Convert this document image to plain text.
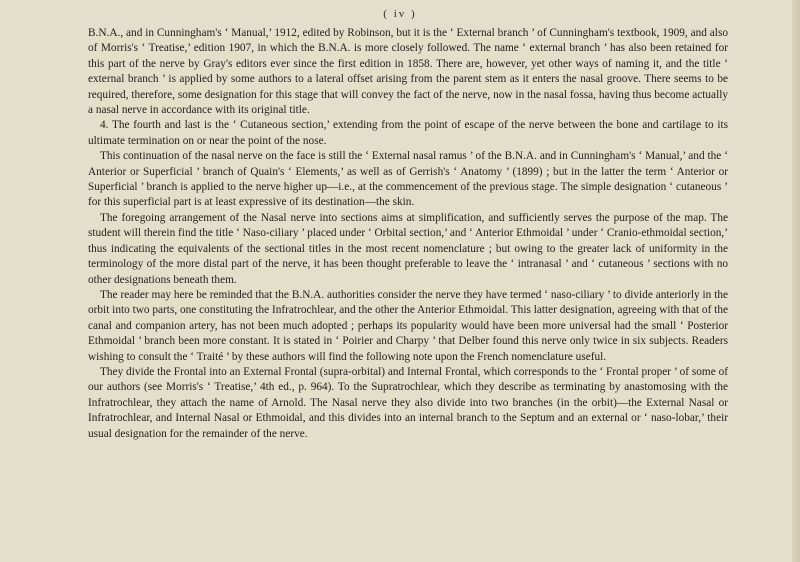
( iv )

B.N.A., and in Cunningham's ‘ Manual,’ 1912, edited by Robinson, but it is the ‘ External branch ’ of Cunningham's textbook, 1909, and also of Morris's ‘ Treatise,’ edition 1907, in which the B.N.A. is more closely followed. The name ‘ external branch ’ has also been retained for this part of the nerve by Gray's editors ever since the first edition in 1858. There are, however, yet other ways of naming it, and the title ‘ external branch ’ is applied by some authors to a lateral offset arising from the parent stem as it enters the nasal groove. There seems to be required, therefore, some designation for this stage that will convey the fact of the nerve, now in the nasal fossa, having thus become actually a nasal nerve in accordance with its original title.

4. The fourth and last is the ‘ Cutaneous section,’ extending from the point of escape of the nerve between the bone and cartilage to its ultimate termination on or near the point of the nose.

This continuation of the nasal nerve on the face is still the ‘ External nasal ramus ’ of the B.N.A. and in Cunningham's ‘ Manual,’ and the ‘ Anterior or Superficial ’ branch of Quain's ‘ Elements,’ as well as of Gerrish's ‘ Anatomy ’ (1899) ; but in the latter the term ‘ Anterior or Superficial ’ branch is applied to the nerve higher up—i.e., at the commencement of the previous stage. The simple designation ‘ cutaneous ’ for this superficial part is at least expressive of its destination—the skin.

The foregoing arrangement of the Nasal nerve into sections aims at simplification, and sufficiently serves the purpose of the map. The student will therein find the title ‘ Naso-ciliary ’ placed under ‘ Orbital section,’ and ‘ Anterior Ethmoidal ’ under ‘ Cranio-ethmoidal section,’ thus indicating the equivalents of the sectional titles in the most recent nomenclature ; but owing to the greater lack of uniformity in the terminology of the more distal part of the nerve, it has been thought preferable to leave the ‘ intranasal ’ and ‘ cutaneous ’ sections with no other designations beneath them.

The reader may here be reminded that the B.N.A. authorities consider the nerve they have termed ‘ naso-ciliary ’ to divide anteriorly in the orbit into two parts, one constituting the Infratrochlear, and the other the Anterior Ethmoidal. This latter designation, agreeing with that of the canal and companion artery, has not been much adopted ; perhaps its popularity would have been more universal had the small ‘ Posterior Ethmoidal ’ branch been more constant. It is stated in ‘ Poirier and Charpy ’ that Delber found this nerve only twice in six subjects. Readers wishing to consult the ‘ Traité ’ by these authors will find the following note upon the French nomenclature useful.

They divide the Frontal into an External Frontal (supra-orbital) and Internal Frontal, which corresponds to the ‘ Frontal proper ’ of some of our authors (see Morris's ‘ Treatise,’ 4th ed., p. 964). To the Supratrochlear, which they describe as terminating by anastomosing with the Infratrochlear, they attach the name of Arnold. The Nasal nerve they also divide into two branches (in the orbit)—the External Nasal or Infratrochlear, and Internal Nasal or Ethmoidal, and this divides into an internal branch to the Septum and an external or ‘ naso-lobar,’ their usual designation for the remainder of the nerve.
